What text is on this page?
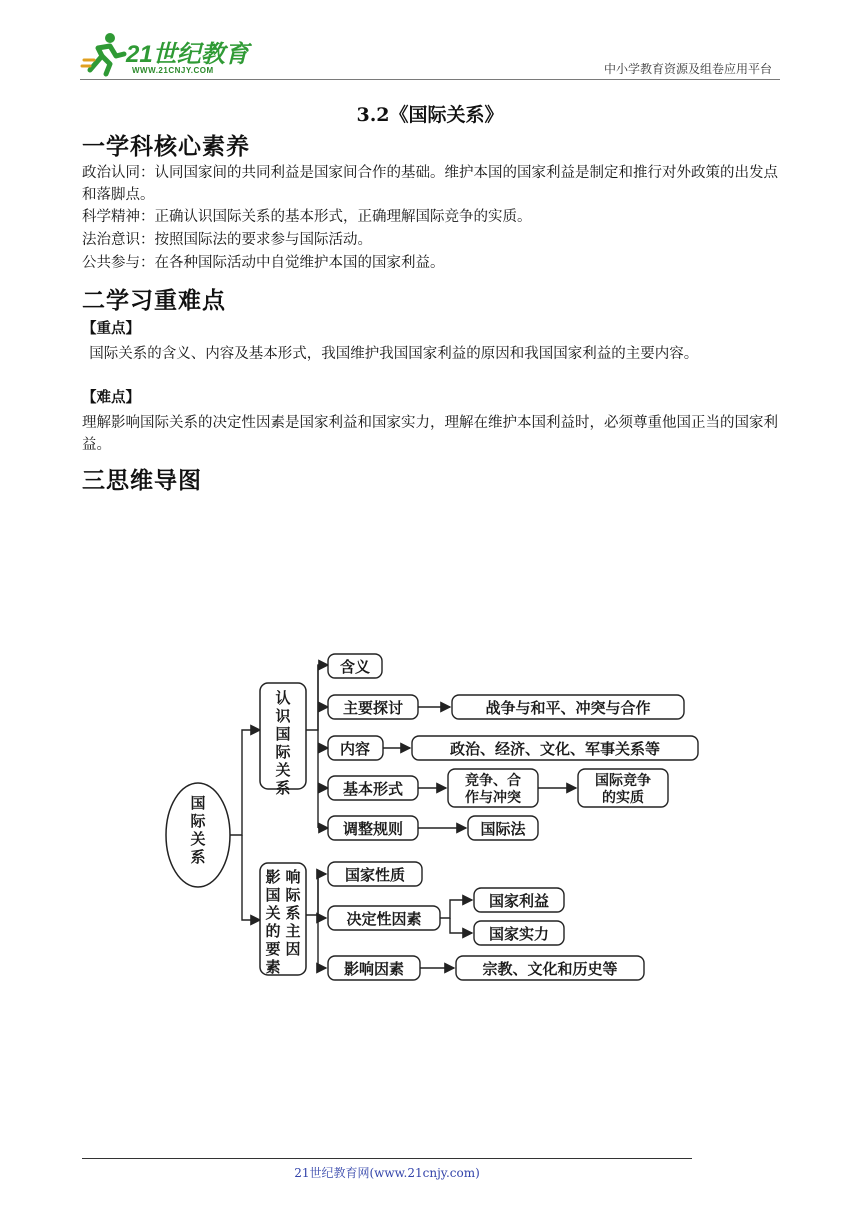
21世纪教育
WWW.21CNJY.COM	中小学教育资源及组卷应用平台
3.2《国际关系》
一学科核心素养
政治认同：认同国家间的共同利益是国家间合作的基础。维护本国的国家利益是制定和推行对外政策的出发点和落脚点。
科学精神：正确认识国际关系的基本形式，正确理解国际竞争的实质。
法治意识：按照国际法的要求参与国际活动。
公共参与：在各种国际活动中自觉维护本国的国家利益。
二学习重难点
【重点】
国际关系的含义、内容及基本形式，我国维护我国国家利益的原因和我国国家利益的主要内容。
【难点】
理解影响国际关系的决定性因素是国家利益和国家实力，理解在维护本国利益时，必须尊重他国正当的国家利益。
三思维导图
国际关系
认识国际关系
影国关的要素响际系主因
含义
主要探讨	战争与和平、冲突与合作
内容	政治、经济、文化、军事关系等
基本形式	竞争、合
作与冲突
国际竞争
的实质
调整规则	国际法
国家性质
决定性因素
国家利益
国家实力
影响因素	宗教、文化和历史等
21世纪教育网(www.21cnjy.com)
